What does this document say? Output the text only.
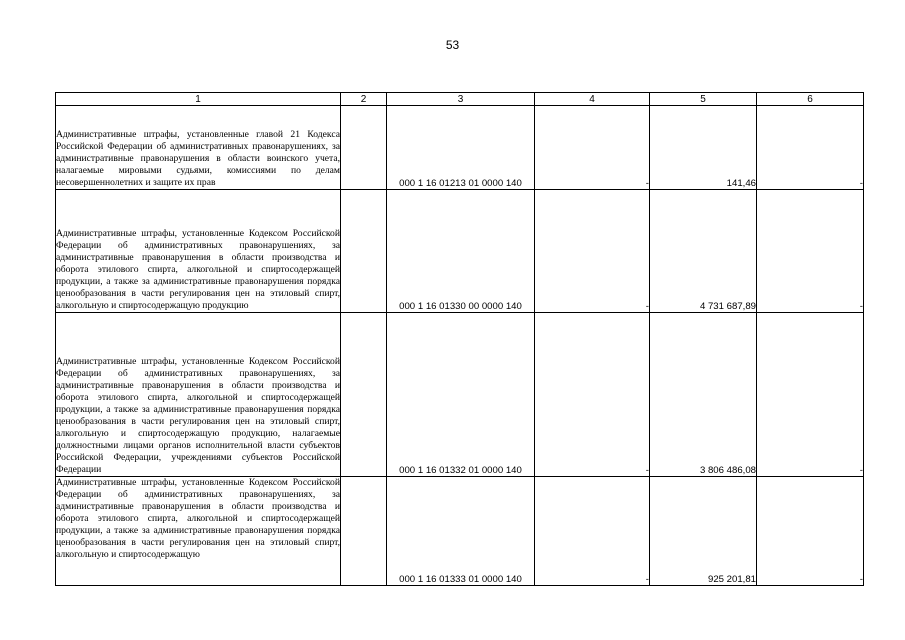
53
1	2	3	4	5	6
Административные штрафы, установленные главой 21 Кодекса Российской Федерации об административных правонарушениях, за административные правонарушения в области воинского учета, налагаемые мировыми судьями, комиссиями по делам несовершеннолетних и защите их прав		000 1 16 01213 01 0000 140	-	141,46	-
Административные штрафы, установленные Кодексом Российской Федерации об административных правонарушениях, за административные правонарушения в области производства и оборота этилового спирта, алкогольной и спиртосодержащей продукции, а также за административные правонарушения порядка ценообразования в части регулирования цен на этиловый спирт, алкогольную и спиртосодержащую продукцию		000 1 16 01330 00 0000 140	-	4 731 687,89	-
Административные штрафы, установленные Кодексом Российской Федерации об административных правонарушениях, за административные правонарушения в области производства и оборота этилового спирта, алкогольной и спиртосодержащей продукции, а также за административные правонарушения порядка ценообразования в части регулирования цен на этиловый спирт, алкогольную и спиртосодержащую продукцию, налагаемые должностными лицами органов исполнительной власти субъектов Российской Федерации, учреждениями субъектов Российской Федерации		000 1 16 01332 01 0000 140	-	3 806 486,08	-
Административные штрафы, установленные Кодексом Российской Федерации об административных правонарушениях, за административные правонарушения в области производства и оборота этилового спирта, алкогольной и спиртосодержащей продукции, а также за административные правонарушения порядка ценообразования в части регулирования цен на этиловый спирт, алкогольную и спиртосодержащую		000 1 16 01333 01 0000 140	-	925 201,81	-
